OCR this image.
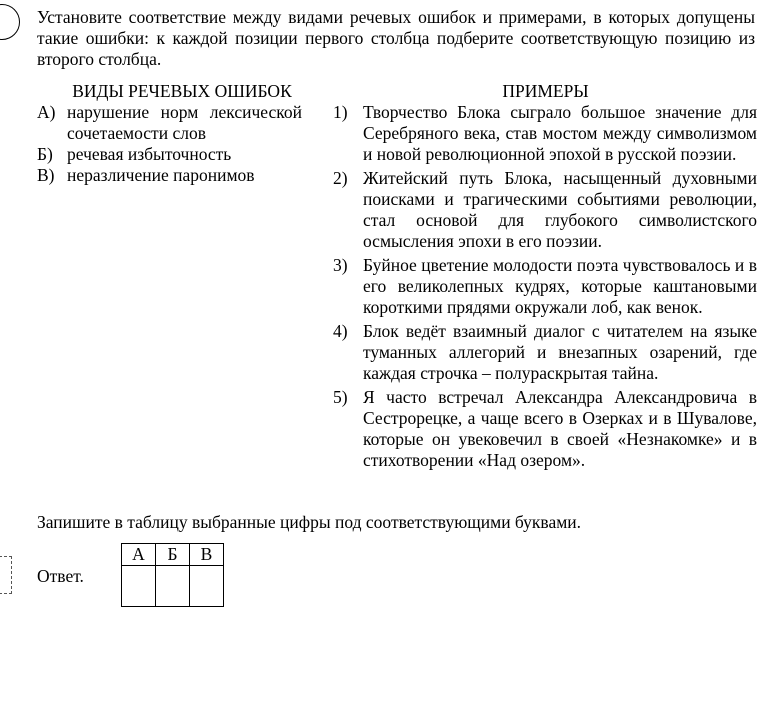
Установите соответствие между видами речевых ошибок и примерами, в которых допущены такие ошибки: к каждой позиции первого столбца подберите соответствующую позицию из второго столбца.

ВИДЫ РЕЧЕВЫХ ОШИБОК	ПРИМЕРЫ
А) нарушение норм лексической сочетаемости слов
Б) речевая избыточность
В) неразличение паронимов
1) Творчество Блока сыграло большое значение для Серебряного века, став мостом между символизмом и новой революционной эпохой в русской поэзии.
2) Житейский путь Блока, насыщенный духовными поисками и трагическими событиями революции, стал основой для глубокого символистского осмысления эпохи в его поэзии.
3) Буйное цветение молодости поэта чувствовалось и в его великолепных кудрях, которые каштановыми короткими прядями окружали лоб, как венок.
4) Блок ведёт взаимный диалог с читателем на языке туманных аллегорий и внезапных озарений, где каждая строчка – полураскрытая тайна.
5) Я часто встречал Александра Александровича в Сестрорецке, а чаще всего в Озерках и в Шувалове, которые он увековечил в своей «Незнакомке» и в стихотворении «Над озером».

Запишите в таблицу выбранные цифры под соответствующими буквами.

Ответ.
А	Б	В
